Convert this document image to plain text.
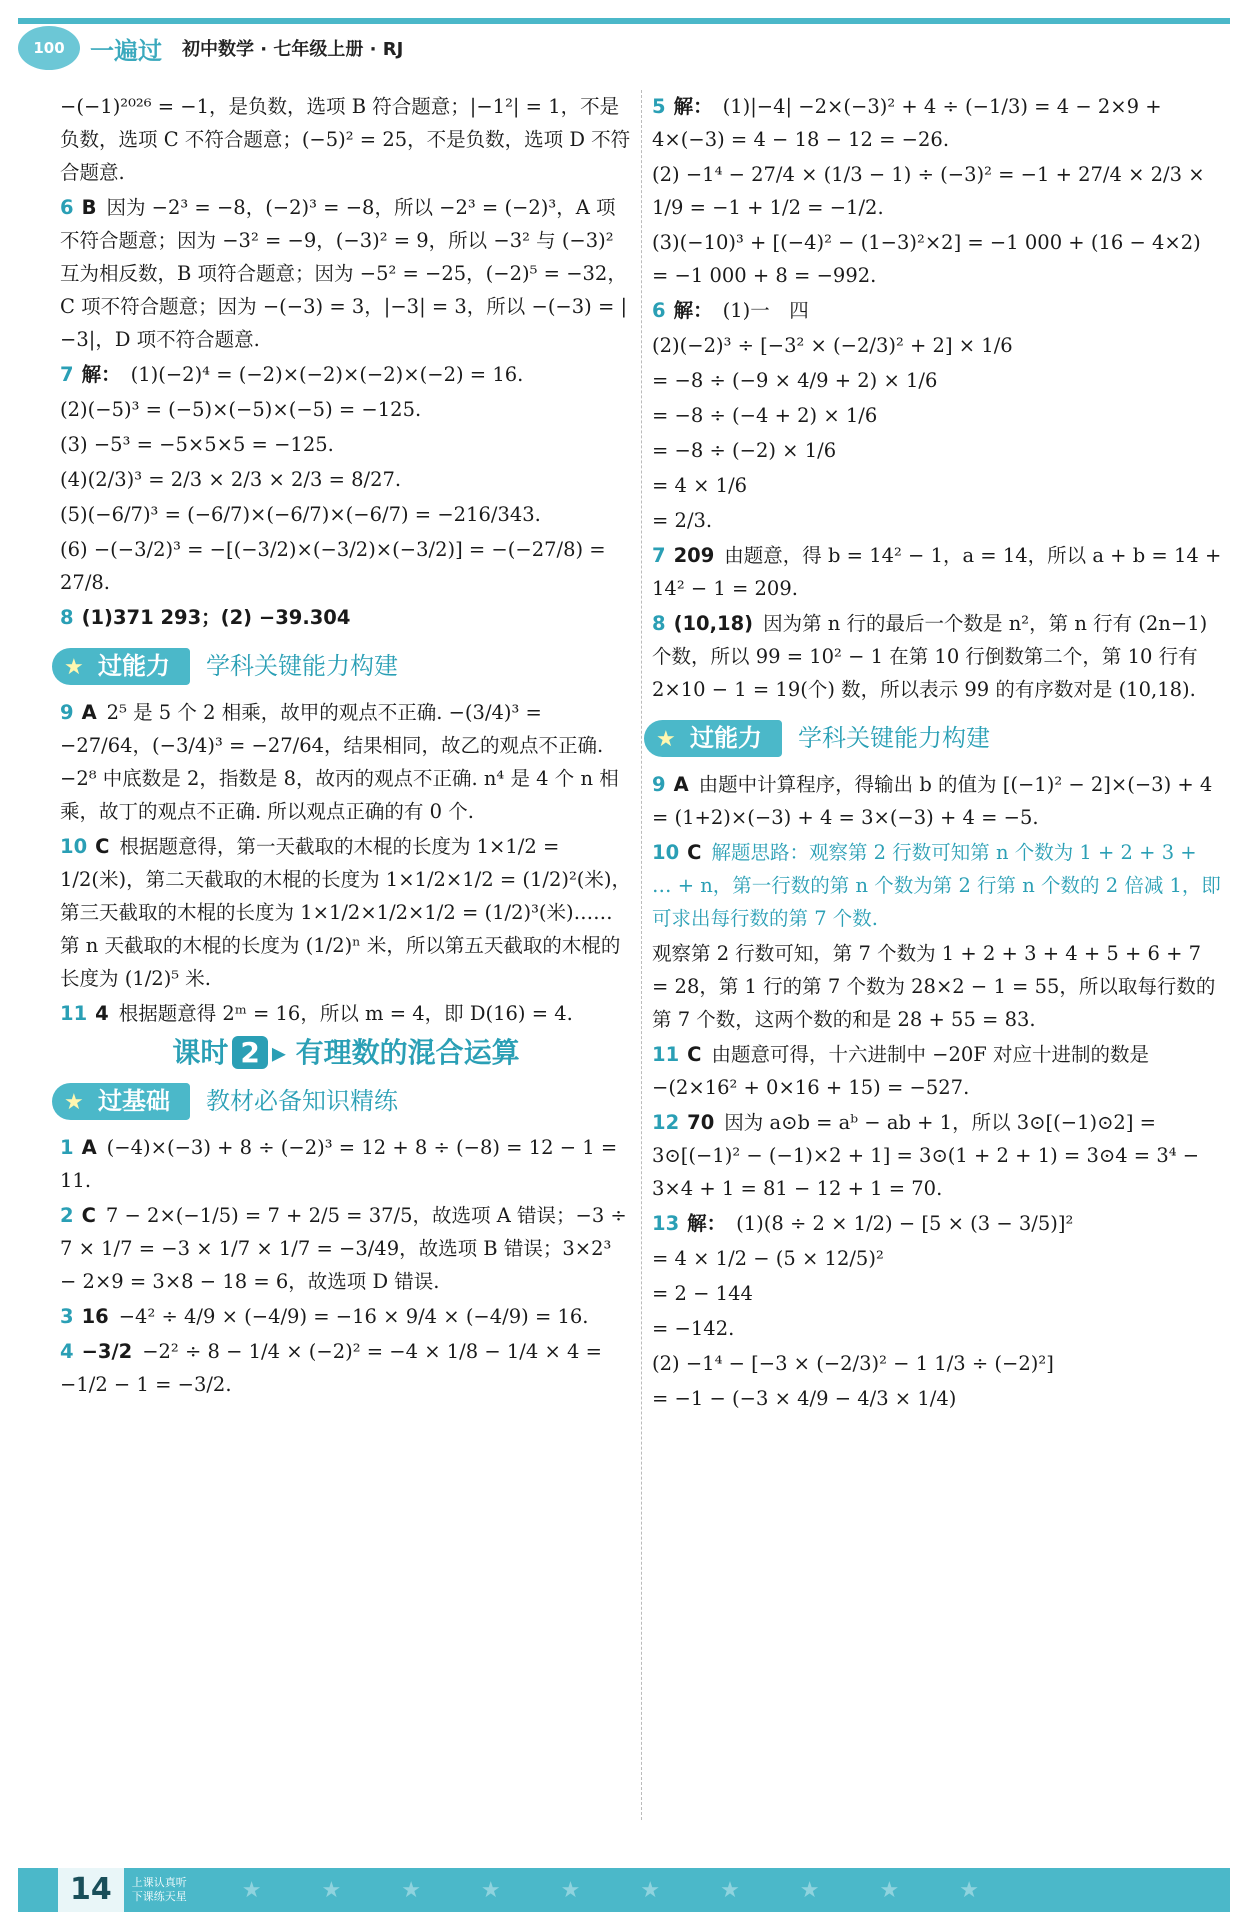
100 一遍过 初中数学 · 七年级上册 · RJ

−(−1)²⁰²⁶ = −1，是负数，选项 B 符合题意；|−1²| = 1，不是负数，选项 C 不符合题意；(−5)² = 25，不是负数，选项 D 不符合题意.

6 B 因为 −2³ = −8，(−2)³ = −8，所以 −2³ = (−2)³，A 项不符合题意；因为 −3² = −9，(−3)² = 9，所以 −3² 与 (−3)² 互为相反数，B 项符合题意；因为 −5² = −25，(−2)⁵ = −32，C 项不符合题意；因为 −(−3) = 3，|−3| = 3，所以 −(−3) = |−3|，D 项不符合题意.

7 解： (1)(−2)⁴ = (−2)×(−2)×(−2)×(−2) = 16.

(2)(−5)³ = (−5)×(−5)×(−5) = −125.

(3) −5³ = −5×5×5 = −125.

(4)(2/3)³ = 2/3 × 2/3 × 2/3 = 8/27.

(5)(−6/7)³ = (−6/7)×(−6/7)×(−6/7) = −216/343.

(6) −(−3/2)³ = −[(−3/2)×(−3/2)×(−3/2)] = −(−27/8) = 27/8.

8 (1)371 293；(2) −39.304

★ 过能力	学科关键能力构建

9 A 2⁵ 是 5 个 2 相乘，故甲的观点不正确. −(3/4)³ = −27/64，(−3/4)³ = −27/64，结果相同，故乙的观点不正确. −2⁸ 中底数是 2，指数是 8，故丙的观点不正确. n⁴ 是 4 个 n 相乘，故丁的观点不正确. 所以观点正确的有 0 个.

10 C 根据题意得，第一天截取的木棍的长度为 1×1/2 = 1/2(米)，第二天截取的木棍的长度为 1×1/2×1/2 = (1/2)²(米)，第三天截取的木棍的长度为 1×1/2×1/2×1/2 = (1/2)³(米)……第 n 天截取的木棍的长度为 (1/2)ⁿ 米，所以第五天截取的木棍的长度为 (1/2)⁵ 米.

11 4 根据题意得 2ᵐ = 16，所以 m = 4，即 D(16) = 4.

课时 2 ▸ 有理数的混合运算
★ 过基础	教材必备知识精练

1 A (−4)×(−3) + 8 ÷ (−2)³ = 12 + 8 ÷ (−8) = 12 − 1 = 11.

2 C 7 − 2×(−1/5) = 7 + 2/5 = 37/5，故选项 A 错误；−3 ÷ 7 × 1/7 = −3 × 1/7 × 1/7 = −3/49，故选项 B 错误；3×2³ − 2×9 = 3×8 − 18 = 6，故选项 D 错误.

3 16 −4² ÷ 4/9 × (−4/9) = −16 × 9/4 × (−4/9) = 16.

4 −3/2 −2² ÷ 8 − 1/4 × (−2)² = −4 × 1/8 − 1/4 × 4 = −1/2 − 1 = −3/2.

5 解： (1)|−4| −2×(−3)² + 4 ÷ (−1/3) = 4 − 2×9 + 4×(−3) = 4 − 18 − 12 = −26.

(2) −1⁴ − 27/4 × (1/3 − 1) ÷ (−3)² = −1 + 27/4 × 2/3 × 1/9 = −1 + 1/2 = −1/2.

(3)(−10)³ + [(−4)² − (1−3)²×2] = −1 000 + (16 − 4×2) = −1 000 + 8 = −992.

6 解： (1)一　四

(2)(−2)³ ÷ [−3² × (−2/3)² + 2] × 1/6

= −8 ÷ (−9 × 4/9 + 2) × 1/6

= −8 ÷ (−4 + 2) × 1/6

= −8 ÷ (−2) × 1/6

= 4 × 1/6

= 2/3.

7 209 由题意，得 b = 14² − 1，a = 14，所以 a + b = 14 + 14² − 1 = 209.

8 (10,18) 因为第 n 行的最后一个数是 n²，第 n 行有 (2n−1) 个数，所以 99 = 10² − 1 在第 10 行倒数第二个，第 10 行有 2×10 − 1 = 19(个) 数，所以表示 99 的有序数对是 (10,18).

★ 过能力	学科关键能力构建

9 A 由题中计算程序，得输出 b 的值为 [(−1)² − 2]×(−3) + 4 = (1+2)×(−3) + 4 = 3×(−3) + 4 = −5.

10 C 解题思路：观察第 2 行数可知第 n 个数为 1 + 2 + 3 + … + n，第一行数的第 n 个数为第 2 行第 n 个数的 2 倍减 1，即可求出每行数的第 7 个数.

观察第 2 行数可知，第 7 个数为 1 + 2 + 3 + 4 + 5 + 6 + 7 = 28，第 1 行的第 7 个数为 28×2 − 1 = 55，所以取每行数的第 7 个数，这两个数的和是 28 + 55 = 83.

11 C 由题意可得，十六进制中 −20F 对应十进制的数是 −(2×16² + 0×16 + 15) = −527.

12 70 因为 a⊙b = aᵇ − ab + 1，所以 3⊙[(−1)⊙2] = 3⊙[(−1)² − (−1)×2 + 1] = 3⊙(1 + 2 + 1) = 3⊙4 = 3⁴ − 3×4 + 1 = 81 − 12 + 1 = 70.

13 解： (1)(8 ÷ 2 × 1/2) − [5 × (3 − 3/5)]²

= 4 × 1/2 − (5 × 12/5)²

= 2 − 144

= −142.

(2) −1⁴ − [−3 × (−2/3)² − 1 1/3 ÷ (−2)²]

= −1 − (−3 × 4/9 − 4/3 × 1/4)

14	上课认真听
下课练天星	★★★★★★★★★★
